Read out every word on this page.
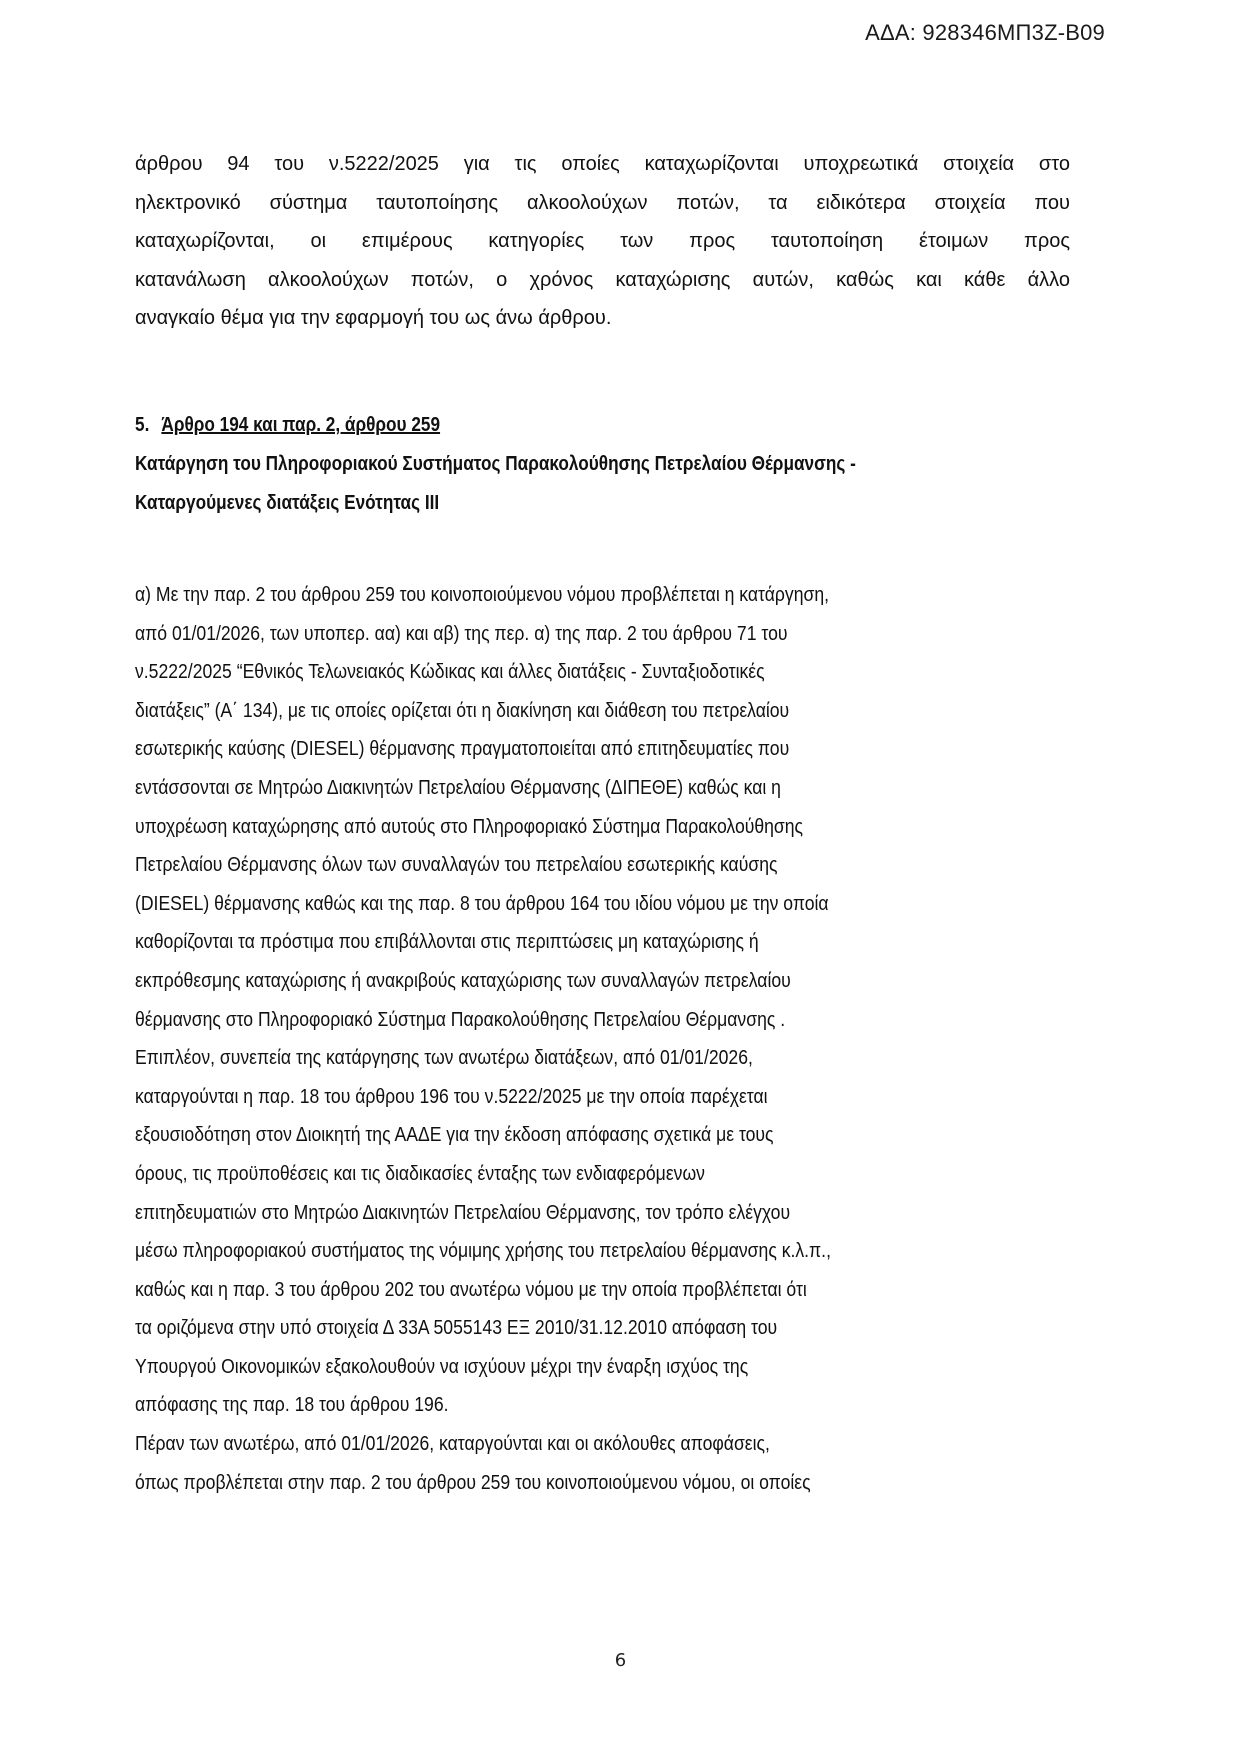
ΑΔΑ: 928346ΜΠ3Ζ-Β09

άρθρου 94 του ν.5222/2025 για τις οποίες καταχωρίζονται υποχρεωτικά στοιχεία στο

ηλεκτρονικό σύστημα ταυτοποίησης αλκοολούχων ποτών, τα ειδικότερα στοιχεία που

καταχωρίζονται, οι επιμέρους κατηγορίες των προς ταυτοποίηση έτοιμων προς

κατανάλωση αλκοολούχων ποτών, ο χρόνος καταχώρισης αυτών, καθώς και κάθε άλλο

αναγκαίο θέμα για την εφαρμογή του ως άνω άρθρου.

5. Άρθρο 194 και παρ. 2, άρθρου 259
Κατάργηση του Πληροφοριακού Συστήματος Παρακολούθησης Πετρελαίου Θέρμανσης -
Καταργούμενες διατάξεις Ενότητας ΙΙΙ

α) Με την παρ. 2 του άρθρου 259 του κοινοποιούμενου νόμου προβλέπεται η κατάργηση,

από 01/01/2026, των υποπερ. αα) και αβ) της περ. α) της παρ. 2 του άρθρου 71 του

ν.5222/2025 “Εθνικός Τελωνειακός Κώδικας και άλλες διατάξεις - Συνταξιοδοτικές

διατάξεις” (Α΄ 134), με τις οποίες ορίζεται ότι η διακίνηση και διάθεση του πετρελαίου

εσωτερικής καύσης (DIESEL) θέρμανσης πραγματοποιείται από επιτηδευματίες που

εντάσσονται σε Μητρώο Διακινητών Πετρελαίου Θέρμανσης (ΔΙΠΕΘΕ) καθώς και η

υποχρέωση καταχώρησης από αυτούς στο Πληροφοριακό Σύστημα Παρακολούθησης

Πετρελαίου Θέρμανσης όλων των συναλλαγών του πετρελαίου εσωτερικής καύσης

(DIESEL) θέρμανσης καθώς και της παρ. 8 του άρθρου 164 του ιδίου νόμου με την οποία

καθορίζονται τα πρόστιμα που επιβάλλονται στις περιπτώσεις μη καταχώρισης ή

εκπρόθεσμης καταχώρισης ή ανακριβούς καταχώρισης των συναλλαγών πετρελαίου

θέρμανσης στο Πληροφοριακό Σύστημα Παρακολούθησης Πετρελαίου Θέρμανσης .

Επιπλέον, συνεπεία της κατάργησης των ανωτέρω διατάξεων, από 01/01/2026,

καταργούνται η παρ. 18 του άρθρου 196 του ν.5222/2025 με την οποία παρέχεται

εξουσιοδότηση στον Διοικητή της ΑΑΔΕ για την έκδοση απόφασης σχετικά με τους

όρους, τις προϋποθέσεις και τις διαδικασίες ένταξης των ενδιαφερόμενων

επιτηδευματιών στο Μητρώο Διακινητών Πετρελαίου Θέρμανσης, τον τρόπο ελέγχου

μέσω πληροφοριακού συστήματος της νόμιμης χρήσης του πετρελαίου θέρμανσης κ.λ.π.,

καθώς και η παρ. 3 του άρθρου 202 του ανωτέρω νόμου με την οποία προβλέπεται ότι

τα οριζόμενα στην υπό στοιχεία Δ 33Α 5055143 ΕΞ 2010/31.12.2010 απόφαση του

Υπουργού Οικονομικών εξακολουθούν να ισχύουν μέχρι την έναρξη ισχύος της

απόφασης της παρ. 18 του άρθρου 196.

Πέραν των ανωτέρω, από 01/01/2026, καταργούνται και οι ακόλουθες αποφάσεις,

όπως προβλέπεται στην παρ. 2 του άρθρου 259 του κοινοποιούμενου νόμου, οι οποίες

6
